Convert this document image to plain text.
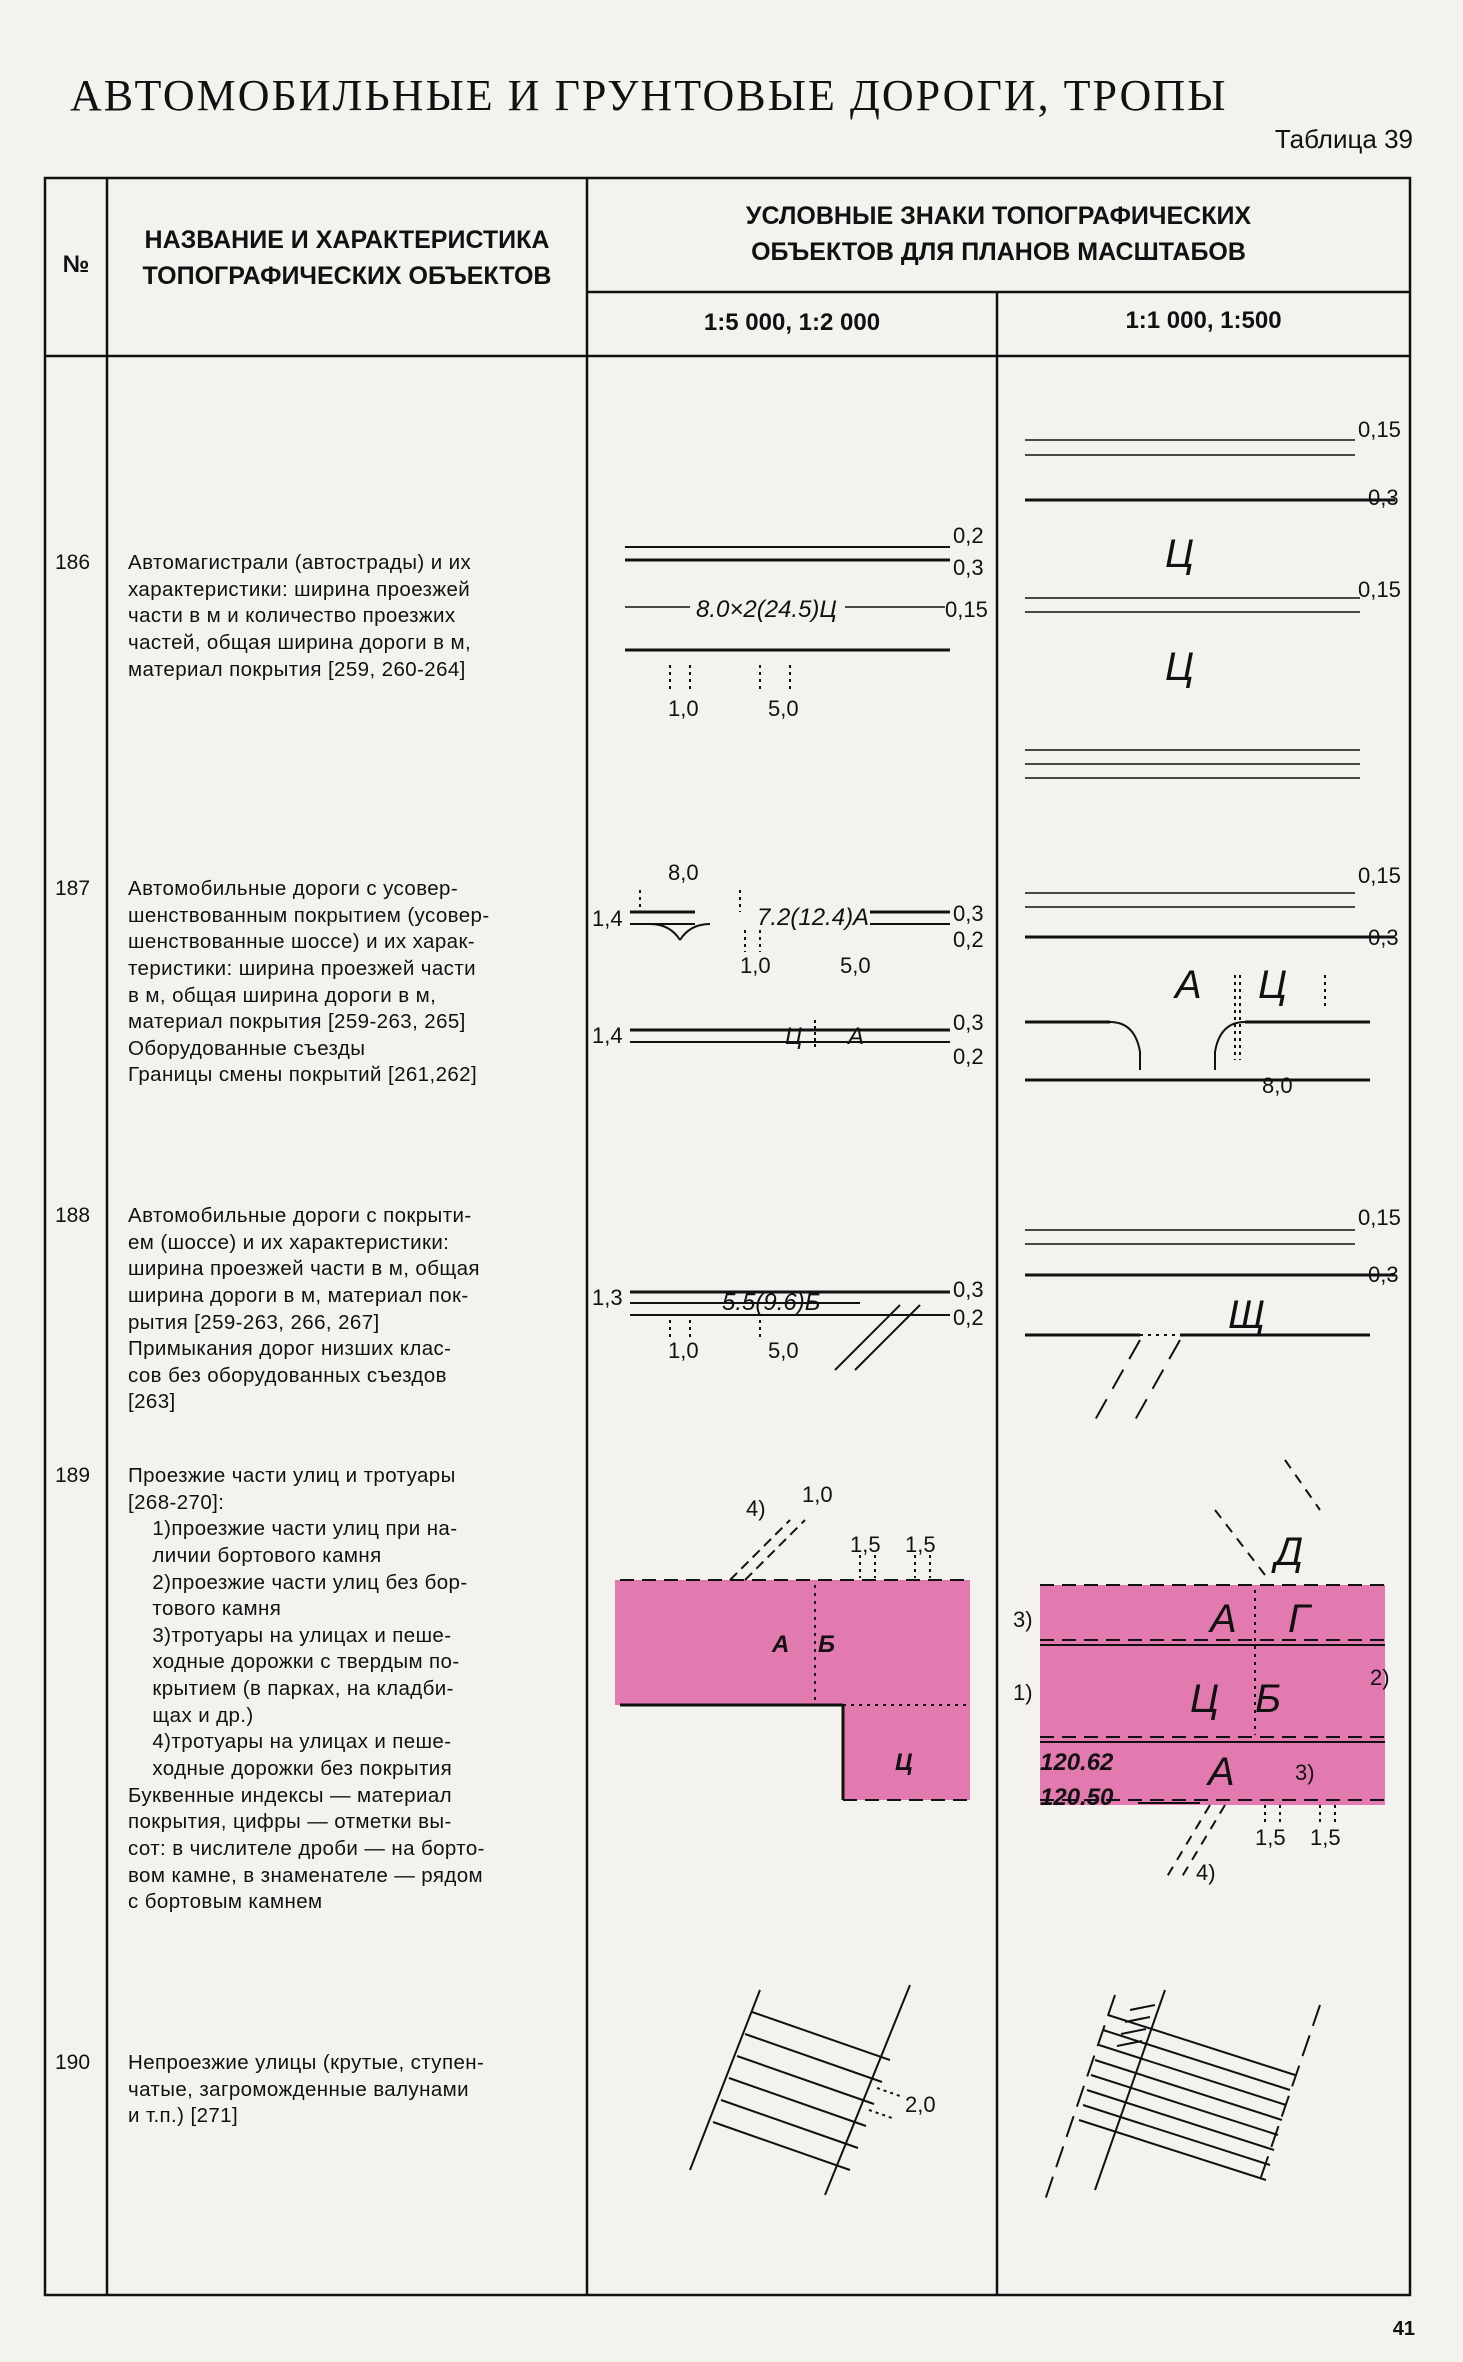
АВТОМОБИЛЬНЫЕ И ГРУНТОВЫЕ ДОРОГИ, ТРОПЫ
Таблица 39
41
№
НАЗВАНИЕ И ХАРАКТЕРИСТИКА
ТОПОГРАФИЧЕСКИХ ОБЪЕКТОВ
УСЛОВНЫЕ ЗНАКИ ТОПОГРАФИЧЕСКИХ
ОБЪЕКТОВ ДЛЯ ПЛАНОВ МАСШТАБОВ
1:5 000, 1:2 000	1:1 000, 1:500
186 Автомагистрали (автострады) и их
характеристики: ширина проезжей
части в м и количество проезжих
частей, общая ширина дороги в м,
материал покрытия [259, 260-264]
187 Автомобильные дороги с усовер-
шенствованным покрытием (усовер-
шенствованные шоссе) и их харак-
теристики: ширина проезжей части
в м, общая ширина дороги в м,
материал покрытия [259-263, 265]
Оборудованные съезды
Границы смены покрытий [261,262]
188 Автомобильные дороги с покрыти-
ем (шоссе) и их характеристики:
ширина проезжей части в м, общая
ширина дороги в м, материал пок-
рытия [259-263, 266, 267]
Примыкания дорог низших клас-
сов без оборудованных съездов
[263]
189 Проезжие части улиц и тротуары
[268-270]:
1)проезжие части улиц при на-
личии бортового камня
2)проезжие части улиц без бор-
тового камня
3)тротуары на улицах и пеше-
ходные дорожки с твердым по-
крытием (в парках, на кладби-
щах и др.)
4)тротуары на улицах и пеше-
ходные дорожки без покрытия
Буквенные индексы — материал
покрытия, цифры — отметки вы-
сот: в числителе дроби — на борто-
вом камне, в знаменателе — рядом
с бортовым камнем
190 Непроезжие улицы (крутые, ступен-
чатые, загроможденные валунами
и т.п.) [271]
0,2
0,3
0,15
8.0×2(24.5)Ц
1,0	5,0
0,15
0,3
0,15
Ц
Ц
8,0
1,4	7.2(12.4)А	0,3
0,2
1,0	5,0
1,4	Ц А
0,3
0,2
0,15
0,3
А Ц
8,0
1,3	5.5(9.6)Б	0,3
0,2
1,0	5,0
0,15
0,3
Щ
4)
1,0
1,5 1,5
А Б
Ц
3)
1)
2)
3)
4)
А Г
Д
Ц Б
А
120.62
120.50
1,5 1,5
2,0
